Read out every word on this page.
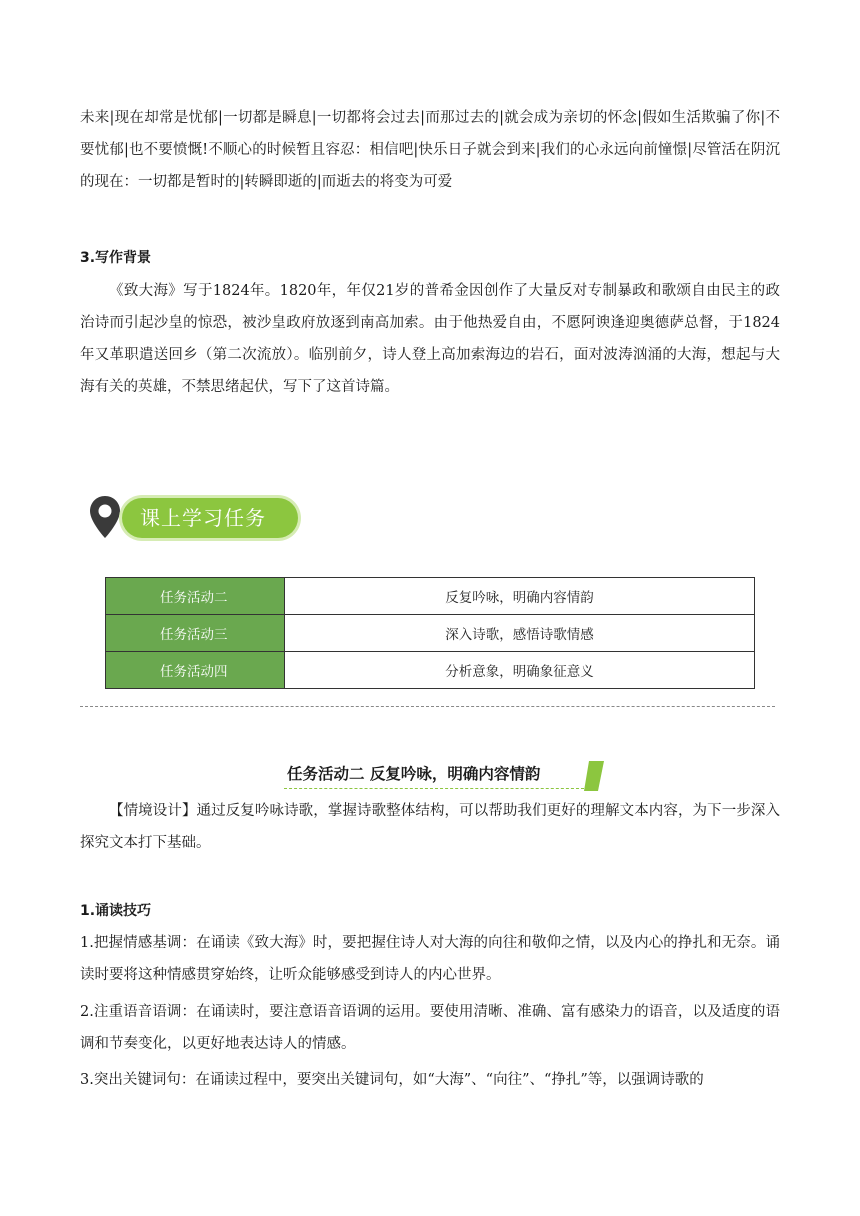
未来|现在却常是忧郁|一切都是瞬息|一切都将会过去|而那过去的|就会成为亲切的怀念|假如生活欺骗了你|不要忧郁|也不要愤慨!不顺心的时候暂且容忍：相信吧|快乐日子就会到来|我们的心永远向前憧憬|尽管活在阴沉的现在：一切都是暂时的|转瞬即逝的|而逝去的将变为可爱

3.写作背景

《致大海》写于1824年。1820年，年仅21岁的普希金因创作了大量反对专制暴政和歌颂自由民主的政治诗而引起沙皇的惊恐，被沙皇政府放逐到南高加索。由于他热爱自由，不愿阿谀逢迎奥德萨总督，于1824年又革职遣送回乡（第二次流放）。临别前夕，诗人登上高加索海边的岩石，面对波涛汹涌的大海，想起与大海有关的英雄，不禁思绪起伏，写下了这首诗篇。

课上学习任务
任务活动二	反复吟咏，明确内容情韵
任务活动三	深入诗歌，感悟诗歌情感
任务活动四	分析意象，明确象征意义
任务活动二 反复吟咏，明确内容情韵

【情境设计】通过反复吟咏诗歌，掌握诗歌整体结构，可以帮助我们更好的理解文本内容，为下一步深入探究文本打下基础。

1.诵读技巧

1.把握情感基调：在诵读《致大海》时，要把握住诗人对大海的向往和敬仰之情，以及内心的挣扎和无奈。诵读时要将这种情感贯穿始终，让听众能够感受到诗人的内心世界。

2.注重语音语调：在诵读时，要注意语音语调的运用。要使用清晰、准确、富有感染力的语音，以及适度的语调和节奏变化，以更好地表达诗人的情感。

3.突出关键词句：在诵读过程中，要突出关键词句，如“大海”、“向往”、“挣扎”等，以强调诗歌的
